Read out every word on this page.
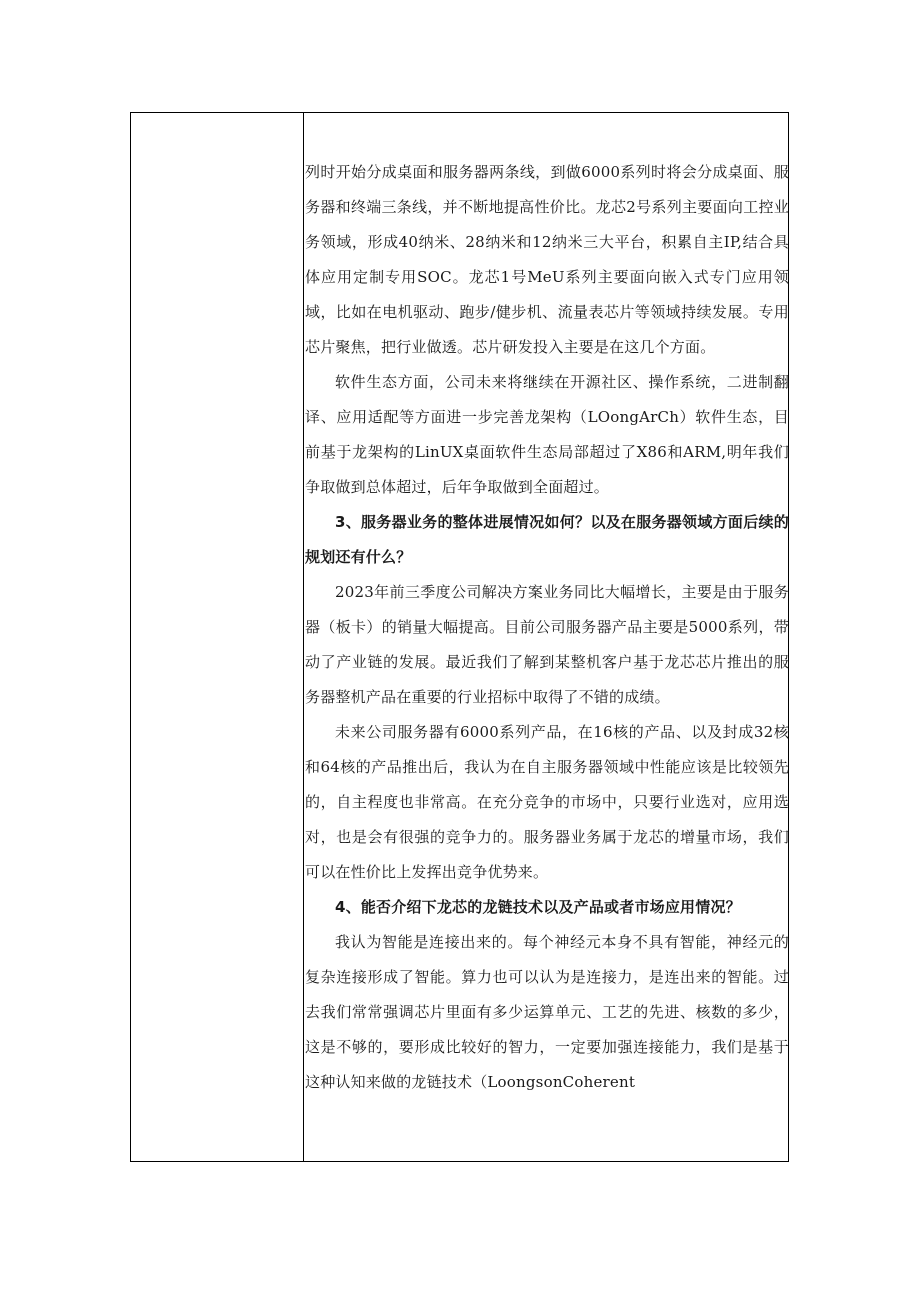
列时开始分成桌面和服务器两条线，到做6000系列时将会分成桌面、服务器和终端三条线，并不断地提高性价比。龙芯2号系列主要面向工控业务领域，形成40纳米、28纳米和12纳米三大平台，积累自主IP,结合具体应用定制专用SOC。龙芯1号MeU系列主要面向嵌入式专门应用领域，比如在电机驱动、跑步/健步机、流量表芯片等领域持续发展。专用芯片聚焦，把行业做透。芯片研发投入主要是在这几个方面。

软件生态方面，公司未来将继续在开源社区、操作系统，二进制翻译、应用适配等方面进一步完善龙架构（LOongArCh）软件生态，目前基于龙架构的LinUX桌面软件生态局部超过了X86和ARM,明年我们争取做到总体超过，后年争取做到全面超过。

3、服务器业务的整体进展情况如何？以及在服务器领域方面后续的规划还有什么？

2023年前三季度公司解决方案业务同比大幅增长，主要是由于服务器（板卡）的销量大幅提高。目前公司服务器产品主要是5000系列，带动了产业链的发展。最近我们了解到某整机客户基于龙芯芯片推出的服务器整机产品在重要的行业招标中取得了不错的成绩。

未来公司服务器有6000系列产品，在16核的产品、以及封成32核和64核的产品推出后，我认为在自主服务器领域中性能应该是比较领先的，自主程度也非常高。在充分竞争的市场中，只要行业选对，应用选对，也是会有很强的竞争力的。服务器业务属于龙芯的增量市场，我们可以在性价比上发挥出竞争优势来。

4、能否介绍下龙芯的龙链技术以及产品或者市场应用情况？

我认为智能是连接出来的。每个神经元本身不具有智能，神经元的复杂连接形成了智能。算力也可以认为是连接力，是连出来的智能。过去我们常常强调芯片里面有多少运算单元、工艺的先进、核数的多少，这是不够的，要形成比较好的智力，一定要加强连接能力，我们是基于这种认知来做的龙链技术（LoongsonCoherent
